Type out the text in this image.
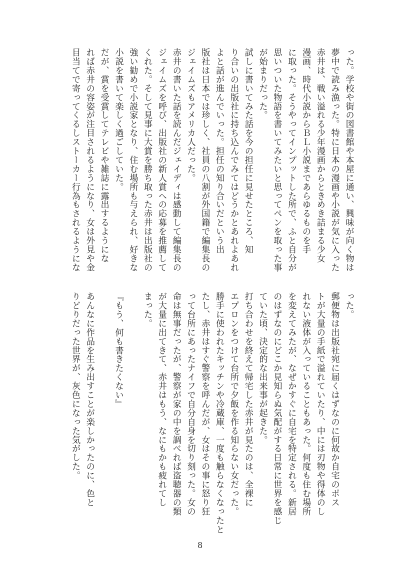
った。学校や街の図書館や本屋に通い、興味が向く物は
夢中で読み漁った。特に日本の漫画や小説が気に入った
赤井は、戦い溢れる少年漫画からときめき詰まる少女
漫画、時代小説からＢＬ小説まであらゆるものを手
に取った。そうやってインプットした所で、ふと自分が
思いついた物語を書いてみたいと思ってペンを取った事
が始まりだった。
試しに書いてみた話を今の担任に見せたところ、知
り合いの出版社に持ち込んでみてはどうかとあれよあれ
よと話が進んでいった。担任の知り合いだという出
版社は日本では珍しく、社員の八割が外国籍で編集長の
ジェイムズもアメリカ人だった。
赤井の書いた話を読んだジェイディは感動して編集長の
ジェイムズを呼び、出版社の新人賞への応募を推薦して
くれた。そして見事に大賞を勝ち取った赤井は出版社の
強い勧めで小説家となり、住む場所も与えられ、好きな
小説を書いて楽しく過ごしていた。
だが、賞を受賞してテレビや雑誌に露出するようにな
れば赤井の容姿が注目されるようになり、女は外見や金
目当てで寄ってくるしストーカー行為もされるようにな
った。
郵便物は出版社宛に届くはずなのに何故か自宅のポス
トが大量の手紙で溢れていたり、中には刃物や得体のし
れない液体が入っていることもあった。何度も住む場所
を変えてみたが、なぜかすぐに自宅を特定される。新居
のはずなのにどこか見知らぬ気配がする日常に世界を感じ
ていた頃、決定的な出来事が起きた。
打ち合わせを終えて帰宅した赤井が見たのは、全裸に
エプロンをつけて台所で夕飯を作る知らない女だった。
勝手に使われたキッチンや冷蔵庫、一度も触らなくなったと
たし、赤井はすぐ警察を呼んだが、女はその事に怒り狂
って台所にあったナイフで自分自身を切り刻った。女の
命は無事だったが、警察が家の中を調べれば盗聴器の類
が大量に出てきて、赤井はもう、なにもかも疲れてし
まった。
『もう、何も書きたくない』
あんなに作品を生み出すことが楽しかったのに、色と
りどりだった世界が、灰色になった気がした。
8
